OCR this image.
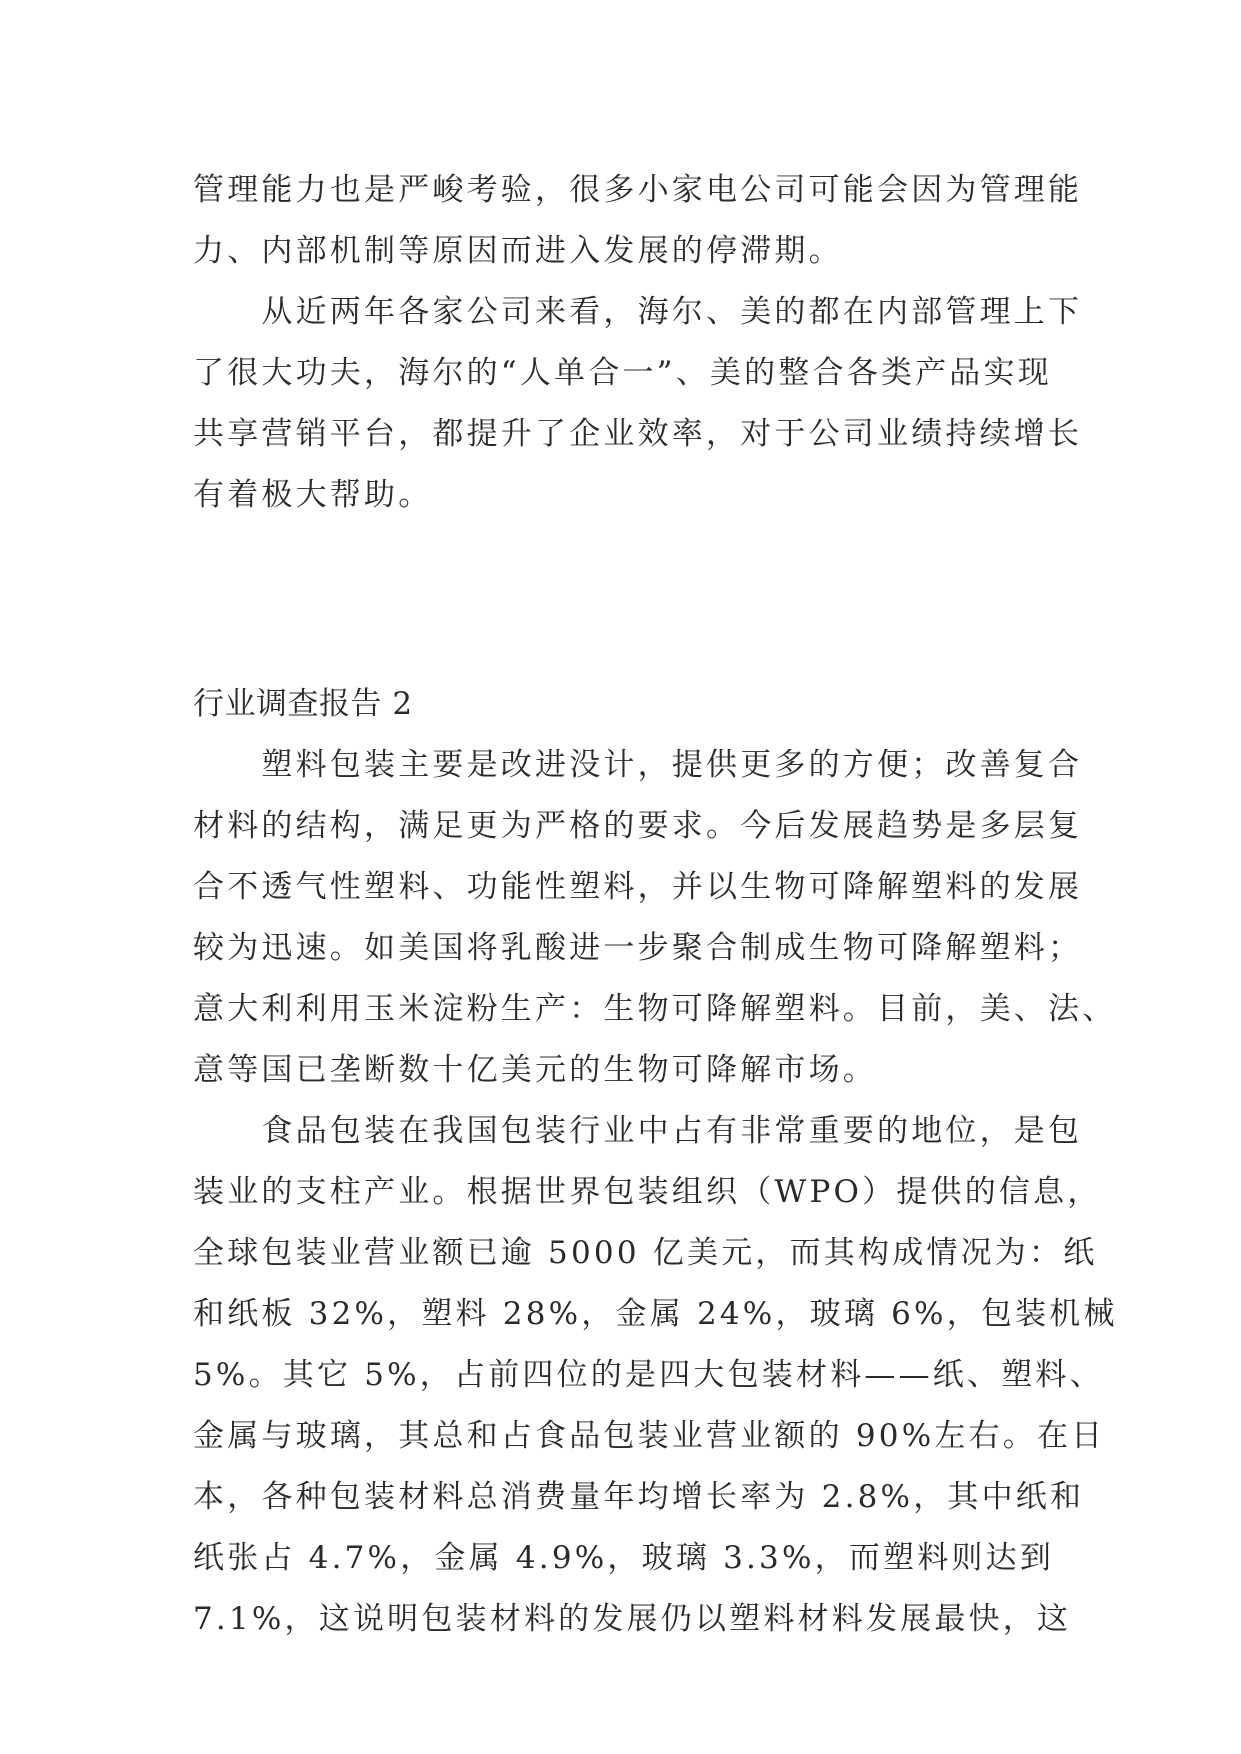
管理能力也是严峻考验，很多小家电公司可能会因为管理能
力、内部机制等原因而进入发展的停滞期。
　　从近两年各家公司来看，海尔、美的都在内部管理上下
了很大功夫，海尔的“人单合一”、美的整合各类产品实现
共享营销平台，都提升了企业效率，对于公司业绩持续增长
有着极大帮助。
行业调查报告 2
　　塑料包装主要是改进没计，提供更多的方便；改善复合
材料的结构，满足更为严格的要求。今后发展趋势是多层复
合不透气性塑料、功能性塑料，并以生物可降解塑料的发展
较为迅速。如美国将乳酸进一步聚合制成生物可降解塑料；
意大利利用玉米淀粉生产：生物可降解塑料。目前，美、法、
意等国已垄断数十亿美元的生物可降解市场。
　　食品包装在我国包装行业中占有非常重要的地位，是包
装业的支柱产业。根据世界包装组织（WPO）提供的信息，
全球包装业营业额已逾 5000 亿美元，而其构成情况为：纸
和纸板 32%，塑料 28%，金属 24%，玻璃 6%，包装机械
5%。其它 5%，占前四位的是四大包装材料——纸、塑料、
金属与玻璃，其总和占食品包装业营业额的 90%左右。在日
本，各种包装材料总消费量年均增长率为 2.8%，其中纸和
纸张占 4.7%，金属 4.9%，玻璃 3.3%，而塑料则达到
7.1%，这说明包装材料的发展仍以塑料材料发展最快，这
